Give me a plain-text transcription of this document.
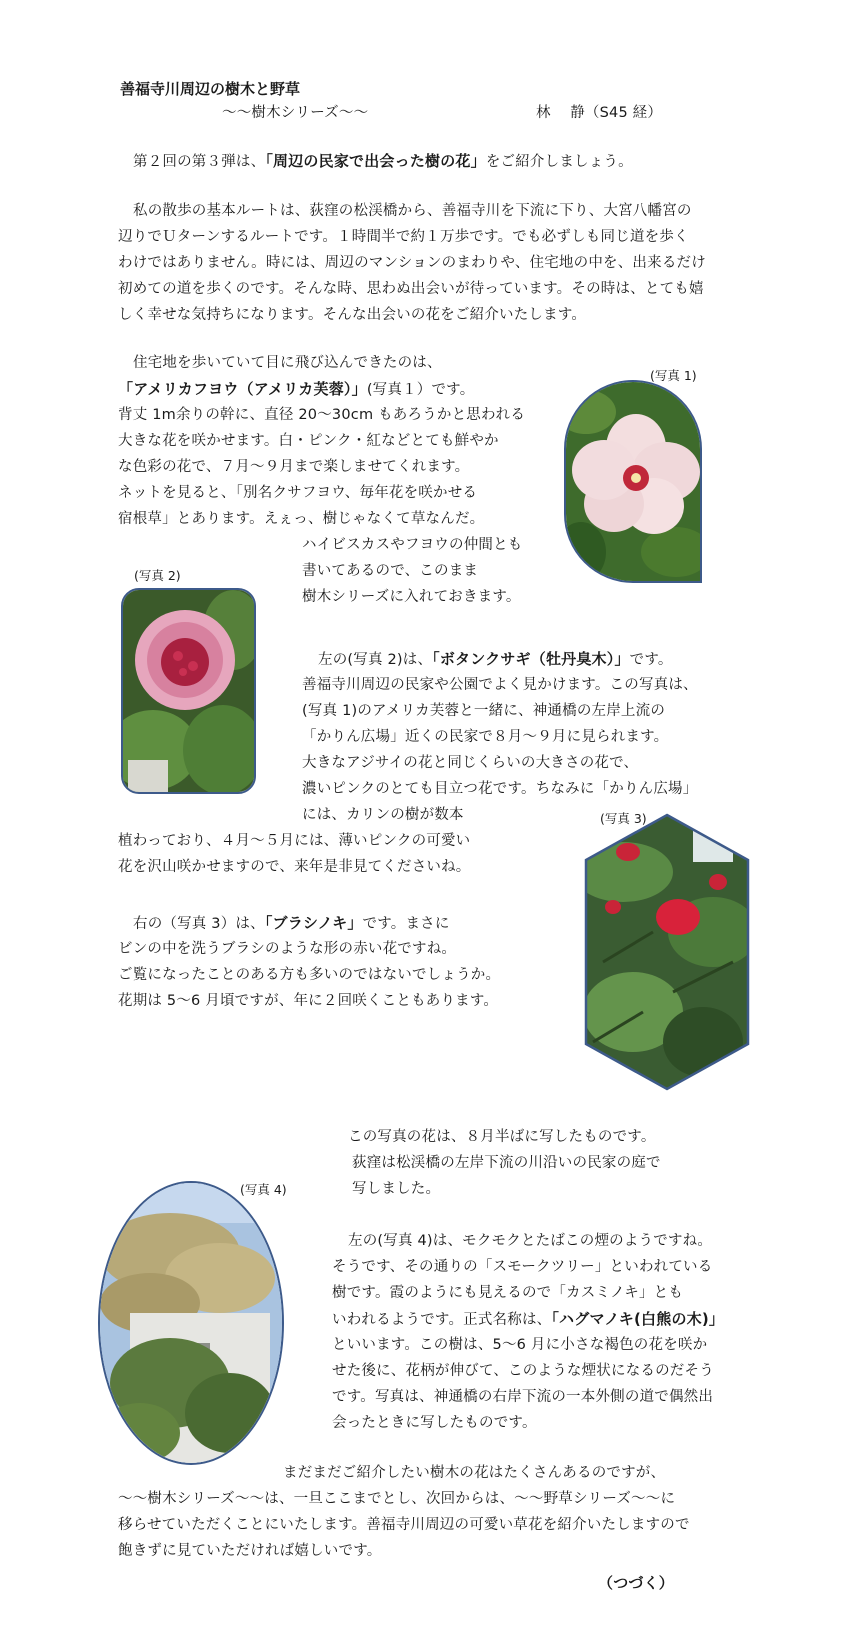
善福寺川周辺の樹木と野草
～～樹木シリーズ～～	林　 静（S45 経）
第２回の第３弾は、「周辺の民家で出会った樹の花」をご紹介しましょう。
私の散歩の基本ルートは、荻窪の松渓橋から、善福寺川を下流に下り、大宮八幡宮の
辺りでＵターンするルートです。１時間半で約１万歩です。でも必ずしも同じ道を歩く
わけではありません。時には、周辺のマンションのまわりや、住宅地の中を、出来るだけ
初めての道を歩くのです。そんな時、思わぬ出会いが待っています。その時は、とても嬉
しく幸せな気持ちになります。そんな出会いの花をご紹介いたします。
住宅地を歩いていて目に飛び込んできたのは、
「アメリカフヨウ（アメリカ芙蓉）」(写真１）です。
背丈 1m余りの幹に、直径 20～30cm もあろうかと思われる
大きな花を咲かせます。白・ピンク・紅などとても鮮やか
な色彩の花で、７月～９月まで楽しませてくれます。
ネットを見ると、「別名クサフヨウ、毎年花を咲かせる
宿根草」とあります。えぇっ、樹じゃなくて草なんだ。
ハイビスカスやフヨウの仲間とも
書いてあるので、このまま
樹木シリーズに入れておきます。
(写真 1)
(写真 2)
左の(写真 2)は、「ボタンクサギ（牡丹臭木）」です。
善福寺川周辺の民家や公園でよく見かけます。この写真は、
(写真 1)のアメリカ芙蓉と一緒に、神通橋の左岸上流の
「かりん広場」近くの民家で８月～９月に見られます。
大きなアジサイの花と同じくらいの大きさの花で、
濃いピンクのとても目立つ花です。ちなみに「かりん広場」
には、カリンの樹が数本
植わっており、４月～５月には、薄いピンクの可愛い
花を沢山咲かせますので、来年是非見てくださいね。
(写真 3)
右の（写真 3）は、「ブラシノキ」です。まさに
ビンの中を洗うブラシのような形の赤い花ですね。
ご覧になったことのある方も多いのではないでしょうか。
花期は 5～6 月頃ですが、年に２回咲くこともあります。
この写真の花は、８月半ばに写したものです。
荻窪は松渓橋の左岸下流の川沿いの民家の庭で
写しました。
(写真 4)
左の(写真 4)は、モクモクとたばこの煙のようですね。
そうです、その通りの「スモークツリー」といわれている
樹です。霞のようにも見えるので「カスミノキ」とも
いわれるようです。正式名称は、「ハグマノキ(白熊の木)」
といいます。この樹は、5～6 月に小さな褐色の花を咲か
せた後に、花柄が伸びて、このような煙状になるのだそう
です。写真は、神通橋の右岸下流の一本外側の道で偶然出
会ったときに写したものです。
まだまだご紹介したい樹木の花はたくさんあるのですが、
～～樹木シリーズ～～は、一旦ここまでとし、次回からは、～～野草シリーズ～～に
移らせていただくことにいたします。善福寺川周辺の可愛い草花を紹介いたしますので
飽きずに見ていただければ嬉しいです。
（つづく）
